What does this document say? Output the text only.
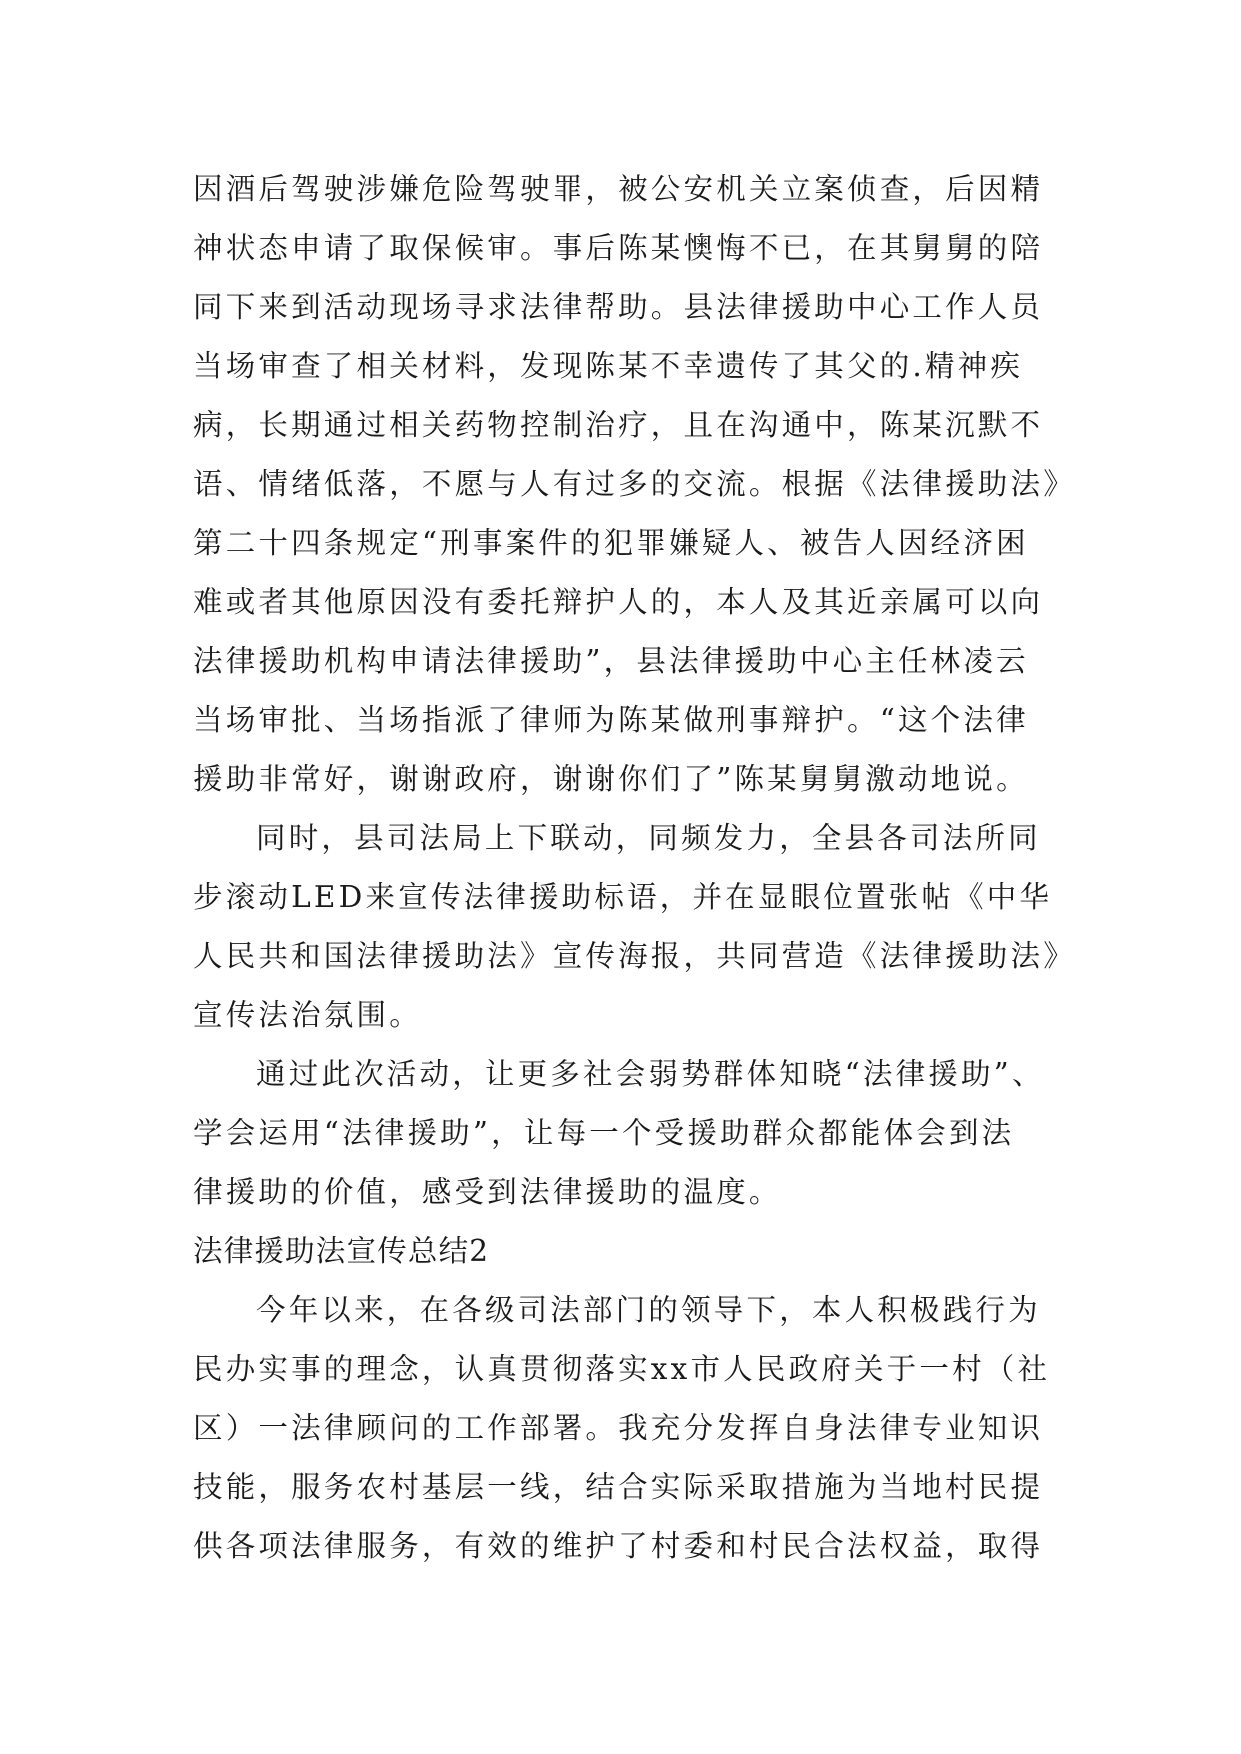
因酒后驾驶涉嫌危险驾驶罪，被公安机关立案侦查，后因精
神状态申请了取保候审。事后陈某懊悔不已，在其舅舅的陪
同下来到活动现场寻求法律帮助。县法律援助中心工作人员
当场审查了相关材料，发现陈某不幸遗传了其父的.精神疾
病，长期通过相关药物控制治疗，且在沟通中，陈某沉默不
语、情绪低落，不愿与人有过多的交流。根据《法律援助法》
第二十四条规定“刑事案件的犯罪嫌疑人、被告人因经济困
难或者其他原因没有委托辩护人的，本人及其近亲属可以向
法律援助机构申请法律援助”，县法律援助中心主任林凌云
当场审批、当场指派了律师为陈某做刑事辩护。“这个法律
援助非常好，谢谢政府，谢谢你们了”陈某舅舅激动地说。
同时，县司法局上下联动，同频发力，全县各司法所同
步滚动LED来宣传法律援助标语，并在显眼位置张帖《中华
人民共和国法律援助法》宣传海报，共同营造《法律援助法》
宣传法治氛围。
通过此次活动，让更多社会弱势群体知晓“法律援助”、
学会运用“法律援助”，让每一个受援助群众都能体会到法
律援助的价值，感受到法律援助的温度。
法律援助法宣传总结2
今年以来，在各级司法部门的领导下，本人积极践行为
民办实事的理念，认真贯彻落实xx市人民政府关于一村（社
区）一法律顾问的工作部署。我充分发挥自身法律专业知识
技能，服务农村基层一线，结合实际采取措施为当地村民提
供各项法律服务，有效的维护了村委和村民合法权益，取得
